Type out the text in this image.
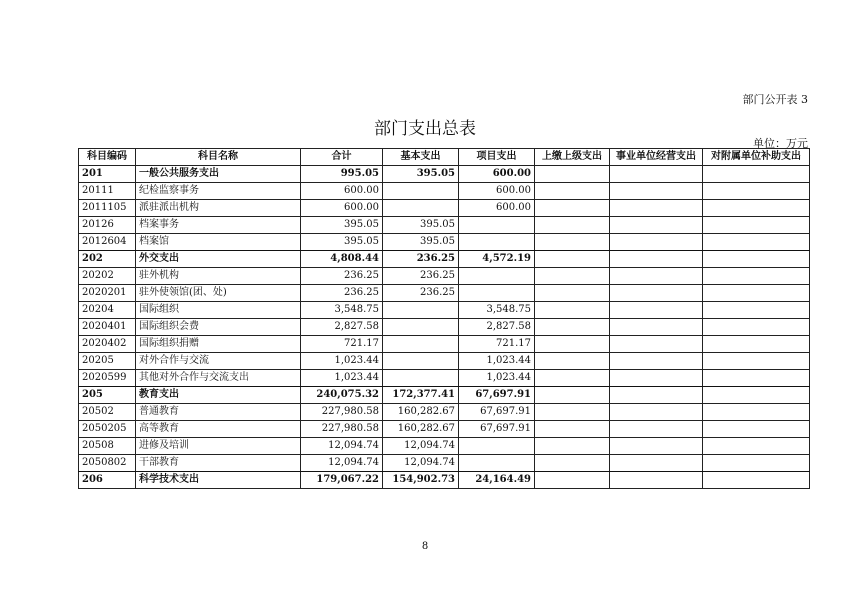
部门公开表 3
部门支出总表
单位：万元
科目编码	科目名称	合计	基本支出	项目支出	上缴上级支出	事业单位经营支出	对附属单位补助支出
201	一般公共服务支出	995.05	395.05	600.00			
20111	纪检监察事务	600.00		600.00			
2011105	派驻派出机构	600.00		600.00			
20126	档案事务	395.05	395.05				
2012604	档案馆	395.05	395.05				
202	外交支出	4,808.44	236.25	4,572.19			
20202	驻外机构	236.25	236.25				
2020201	驻外使领馆(团、处)	236.25	236.25				
20204	国际组织	3,548.75		3,548.75			
2020401	国际组织会费	2,827.58		2,827.58			
2020402	国际组织捐赠	721.17		721.17			
20205	对外合作与交流	1,023.44		1,023.44			
2020599	其他对外合作与交流支出	1,023.44		1,023.44			
205	教育支出	240,075.32	172,377.41	67,697.91			
20502	普通教育	227,980.58	160,282.67	67,697.91			
2050205	高等教育	227,980.58	160,282.67	67,697.91			
20508	进修及培训	12,094.74	12,094.74				
2050802	干部教育	12,094.74	12,094.74				
206	科学技术支出	179,067.22	154,902.73	24,164.49			
8
